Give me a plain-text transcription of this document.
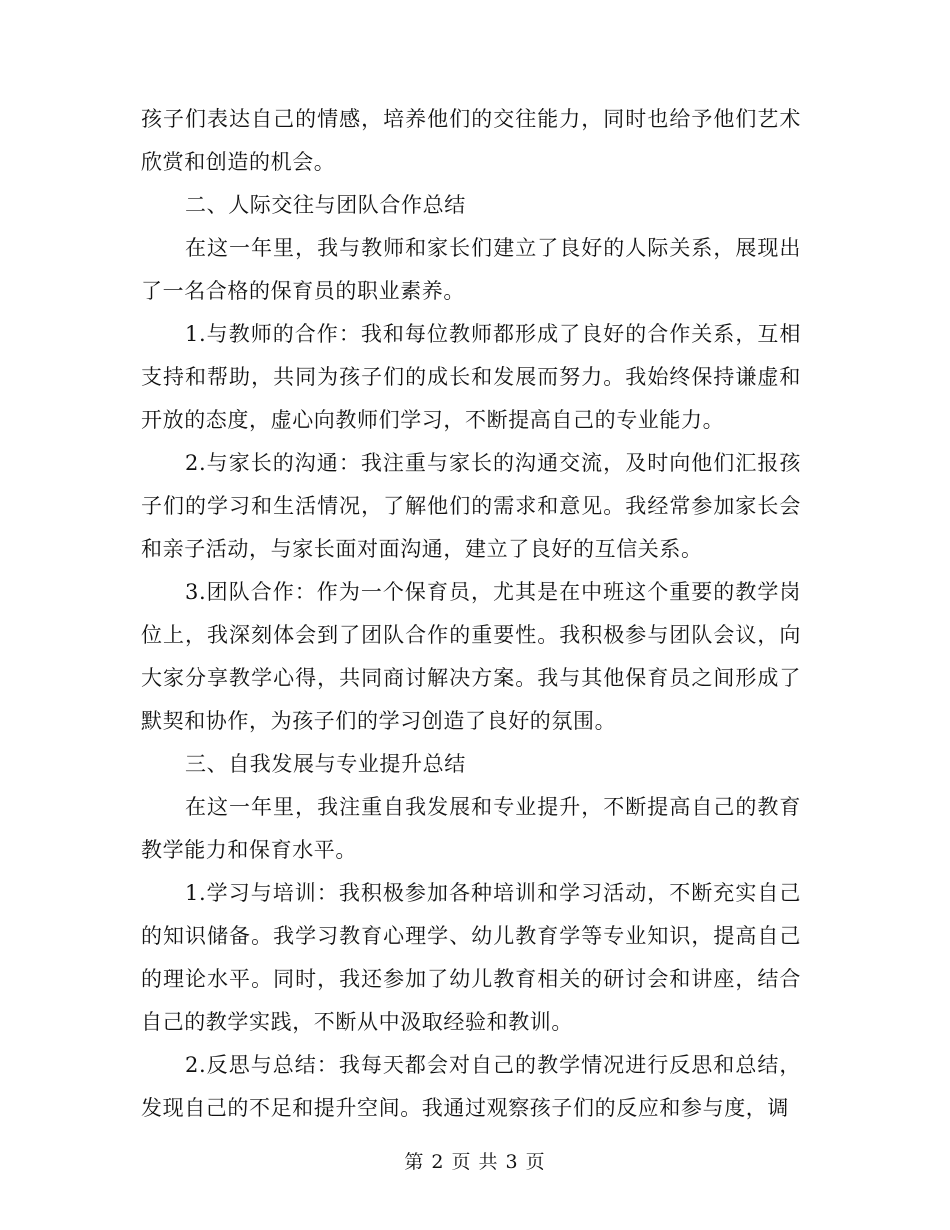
孩子们表达自己的情感，培养他们的交往能力，同时也给予他们艺术欣赏和创造的机会。

二、人际交往与团队合作总结

在这一年里，我与教师和家长们建立了良好的人际关系，展现出了一名合格的保育员的职业素养。

1.与教师的合作：我和每位教师都形成了良好的合作关系，互相支持和帮助，共同为孩子们的成长和发展而努力。我始终保持谦虚和开放的态度，虚心向教师们学习，不断提高自己的专业能力。

2.与家长的沟通：我注重与家长的沟通交流，及时向他们汇报孩子们的学习和生活情况，了解他们的需求和意见。我经常参加家长会和亲子活动，与家长面对面沟通，建立了良好的互信关系。

3.团队合作：作为一个保育员，尤其是在中班这个重要的教学岗位上，我深刻体会到了团队合作的重要性。我积极参与团队会议，向大家分享教学心得，共同商讨解决方案。我与其他保育员之间形成了默契和协作，为孩子们的学习创造了良好的氛围。

三、自我发展与专业提升总结

在这一年里，我注重自我发展和专业提升，不断提高自己的教育教学能力和保育水平。

1.学习与培训：我积极参加各种培训和学习活动，不断充实自己的知识储备。我学习教育心理学、幼儿教育学等专业知识，提高自己的理论水平。同时，我还参加了幼儿教育相关的研讨会和讲座，结合自己的教学实践，不断从中汲取经验和教训。

2.反思与总结：我每天都会对自己的教学情况进行反思和总结，发现自己的不足和提升空间。我通过观察孩子们的反应和参与度，调

第 2 页 共 3 页
